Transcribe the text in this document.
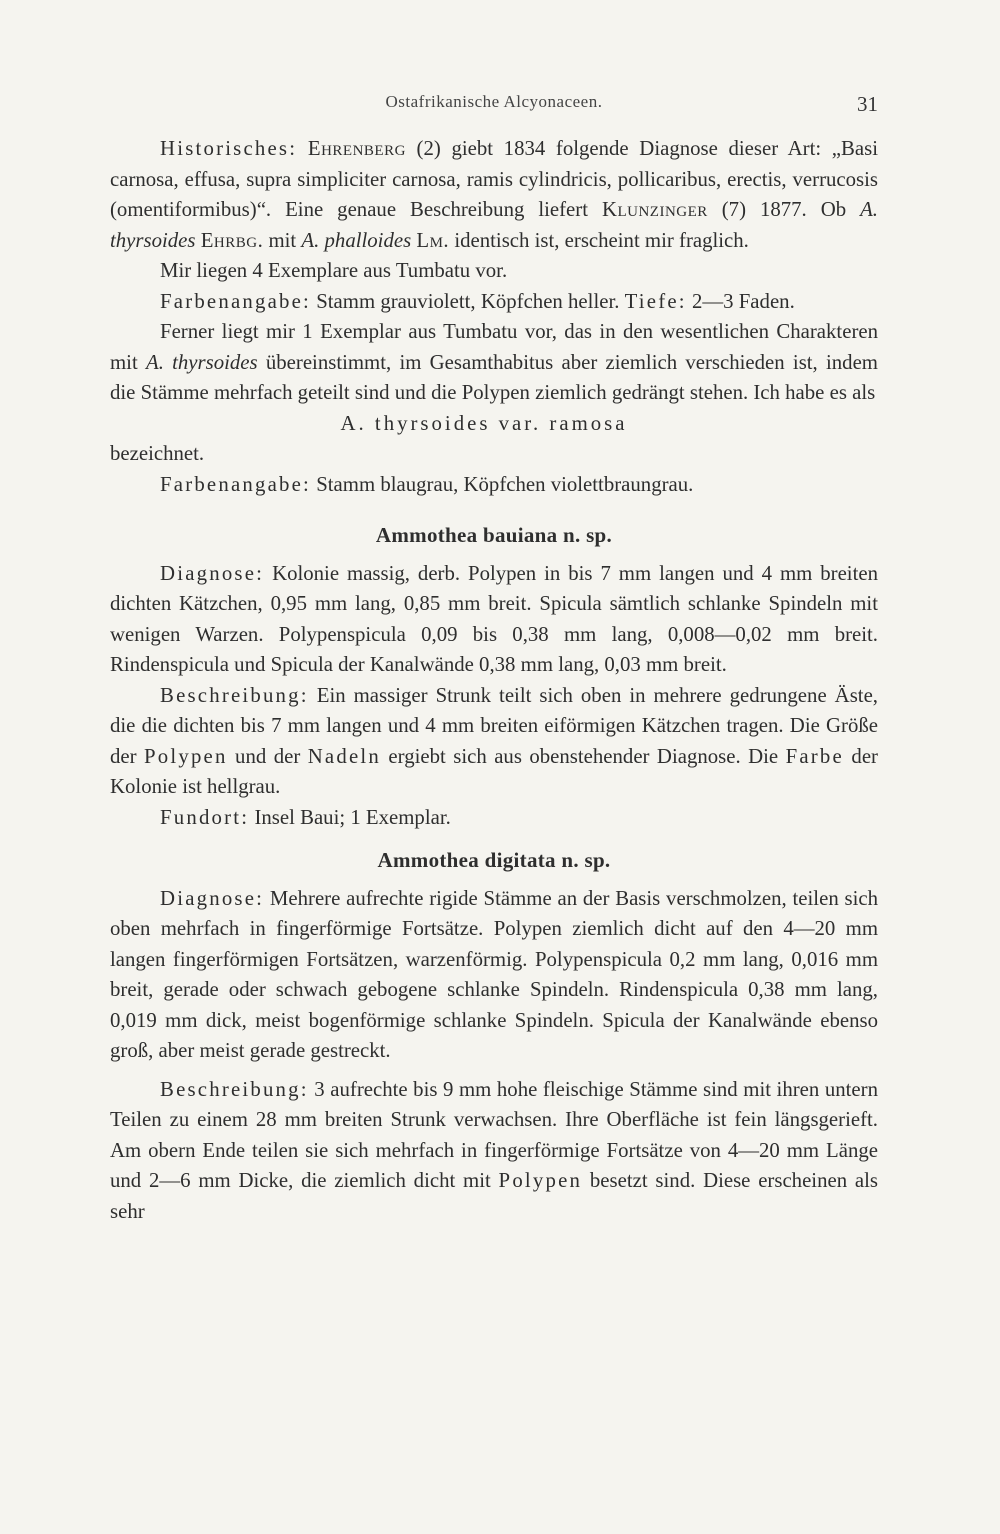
Ostafrikanische Alcyonaceen.	31

Historisches: Ehrenberg (2) giebt 1834 folgende Diagnose dieser Art: „Basi carnosa, effusa, supra simpliciter carnosa, ramis cylindricis, pollicaribus, erectis, verrucosis (omentiformibus)“. Eine genaue Beschreibung liefert Klunzinger (7) 1877. Ob A. thyrsoides Ehrbg. mit A. phalloides Lm. identisch ist, erscheint mir fraglich.

Mir liegen 4 Exemplare aus Tumbatu vor.

Farbenangabe: Stamm grauviolett, Köpfchen heller. Tiefe: 2—3 Faden.

Ferner liegt mir 1 Exemplar aus Tumbatu vor, das in den wesentlichen Charakteren mit A. thyrsoides übereinstimmt, im Gesamthabitus aber ziemlich verschieden ist, indem die Stämme mehrfach geteilt sind und die Polypen ziemlich gedrängt stehen. Ich habe es als

A. thyrsoides var. ramosa

bezeichnet.

Farbenangabe: Stamm blaugrau, Köpfchen violettbraungrau.

Ammothea bauiana n. sp.

Diagnose: Kolonie massig, derb. Polypen in bis 7 mm langen und 4 mm breiten dichten Kätzchen, 0,95 mm lang, 0,85 mm breit. Spicula sämtlich schlanke Spindeln mit wenigen Warzen. Polypenspicula 0,09 bis 0,38 mm lang, 0,008—0,02 mm breit. Rindenspicula und Spicula der Kanalwände 0,38 mm lang, 0,03 mm breit.

Beschreibung: Ein massiger Strunk teilt sich oben in mehrere gedrungene Äste, die die dichten bis 7 mm langen und 4 mm breiten eiförmigen Kätzchen tragen. Die Größe der Polypen und der Nadeln ergiebt sich aus obenstehender Diagnose. Die Farbe der Kolonie ist hellgrau.

Fundort: Insel Baui; 1 Exemplar.

Ammothea digitata n. sp.

Diagnose: Mehrere aufrechte rigide Stämme an der Basis verschmolzen, teilen sich oben mehrfach in fingerförmige Fortsätze. Polypen ziemlich dicht auf den 4—20 mm langen fingerförmigen Fortsätzen, warzenförmig. Polypenspicula 0,2 mm lang, 0,016 mm breit, gerade oder schwach gebogene schlanke Spindeln. Rindenspicula 0,38 mm lang, 0,019 mm dick, meist bogenförmige schlanke Spindeln. Spicula der Kanalwände ebenso groß, aber meist gerade gestreckt.

Beschreibung: 3 aufrechte bis 9 mm hohe fleischige Stämme sind mit ihren untern Teilen zu einem 28 mm breiten Strunk verwachsen. Ihre Oberfläche ist fein längsgerieft. Am obern Ende teilen sie sich mehrfach in fingerförmige Fortsätze von 4—20 mm Länge und 2—6 mm Dicke, die ziemlich dicht mit Polypen besetzt sind. Diese erscheinen als sehr
